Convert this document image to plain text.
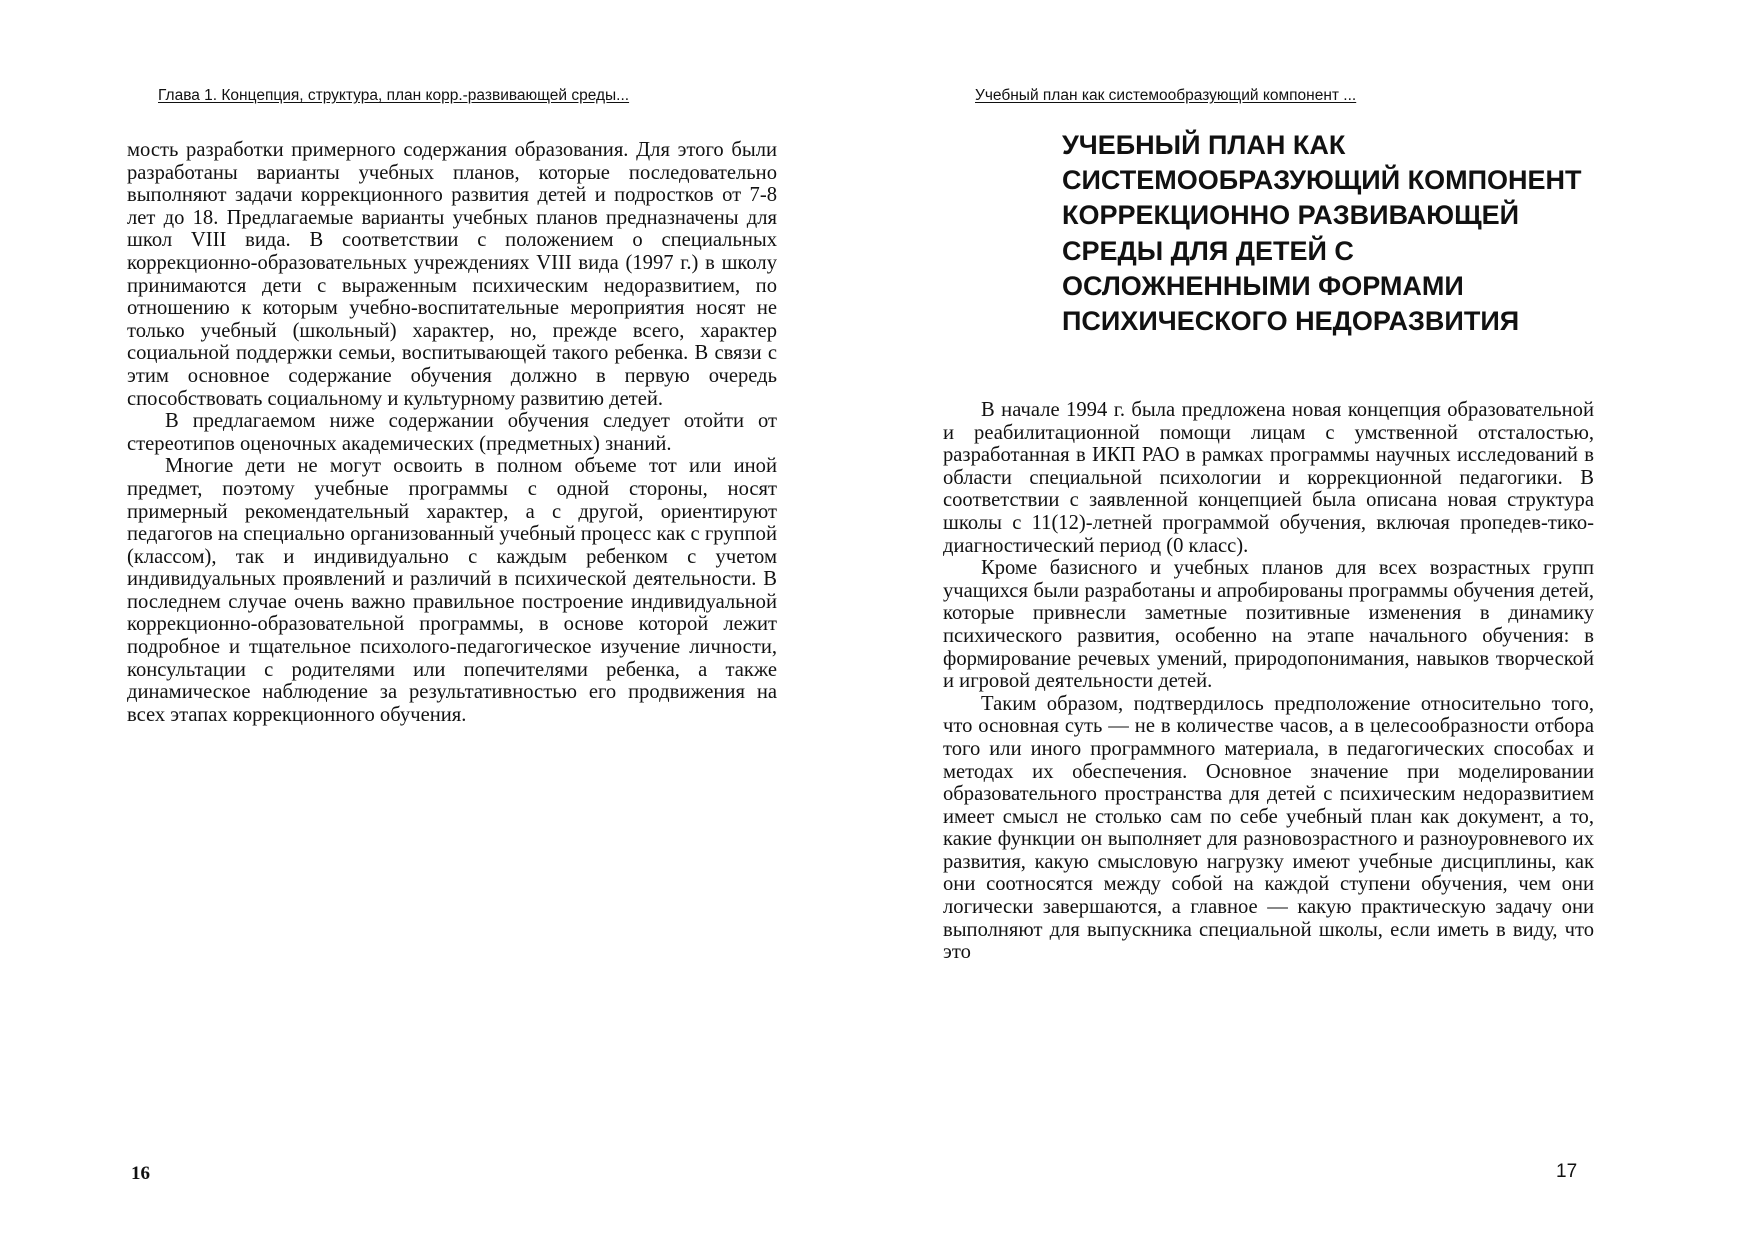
Глава 1. Концепция, структура, план корр.-развивающей среды...

мость разработки примерного содержания образования. Для этого были разработаны варианты учебных планов, которые последовательно выполняют задачи коррекционного развития детей и подростков от 7-8 лет до 18. Предлагаемые варианты учебных планов предназначены для школ VIII вида. В соответствии с положением о специальных коррекционно-образовательных учреждениях VIII вида (1997 г.) в школу принимаются дети с выраженным психическим недоразвитием, по отношению к которым учебно-воспитательные мероприятия носят не только учебный (школьный) характер, но, прежде всего, характер социальной поддержки семьи, воспитывающей такого ребенка. В связи с этим основное содержание обучения должно в первую очередь способствовать социальному и культурному развитию детей.

В предлагаемом ниже содержании обучения следует отойти от стереотипов оценочных академических (предметных) знаний.

Многие дети не могут освоить в полном объеме тот или иной предмет, поэтому учебные программы с одной стороны, носят примерный рекомендательный характер, а с другой, ориентируют педагогов на специально организованный учебный процесс как с группой (классом), так и индивидуально с каждым ребенком с учетом индивидуальных проявлений и различий в психической деятельности. В последнем случае очень важно правильное построение индивидуальной коррекционно-образовательной программы, в основе которой лежит подробное и тщательное психолого-педагогическое изучение личности, консультации с родителями или попечителями ребенка, а также динамическое наблюдение за результативностью его продвижения на всех этапах коррекционного обучения.

16
Учебный план как системообразующий компонент ...
УЧЕБНЫЙ ПЛАН КАК СИСТЕМООБРАЗУЮЩИЙ КОМПОНЕНТ КОРРЕКЦИОННО РАЗВИВАЮЩЕЙ СРЕДЫ ДЛЯ ДЕТЕЙ С ОСЛОЖНЕННЫМИ ФОРМАМИ ПСИХИЧЕСКОГО НЕДОРАЗВИТИЯ

В начале 1994 г. была предложена новая концепция образовательной и реабилитационной помощи лицам с умственной отсталостью, разработанная в ИКП РАО в рамках программы научных исследований в области специальной психологии и коррекционной педагогики. В соответствии с заявленной концепцией была описана новая структура школы с 11(12)-летней программой обучения, включая пропедев-тико-диагностический период (0 класс).

Кроме базисного и учебных планов для всех возрастных групп учащихся были разработаны и апробированы программы обучения детей, которые привнесли заметные позитивные изменения в динамику психического развития, особенно на этапе начального обучения: в формирование речевых умений, природопонимания, навыков творческой и игровой деятельности детей.

Таким образом, подтвердилось предположение относительно того, что основная суть — не в количестве часов, а в целесообразности отбора того или иного программного материала, в педагогических способах и методах их обеспечения. Основное значение при моделировании образовательного пространства для детей с психическим недоразвитием имеет смысл не столько сам по себе учебный план как документ, а то, какие функции он выполняет для разновозрастного и разноуровневого их развития, какую смысловую нагрузку имеют учебные дисциплины, как они соотносятся между собой на каждой ступени обучения, чем они логически завершаются, а главное — какую практическую задачу они выполняют для выпускника специальной школы, если иметь в виду, что это

17
